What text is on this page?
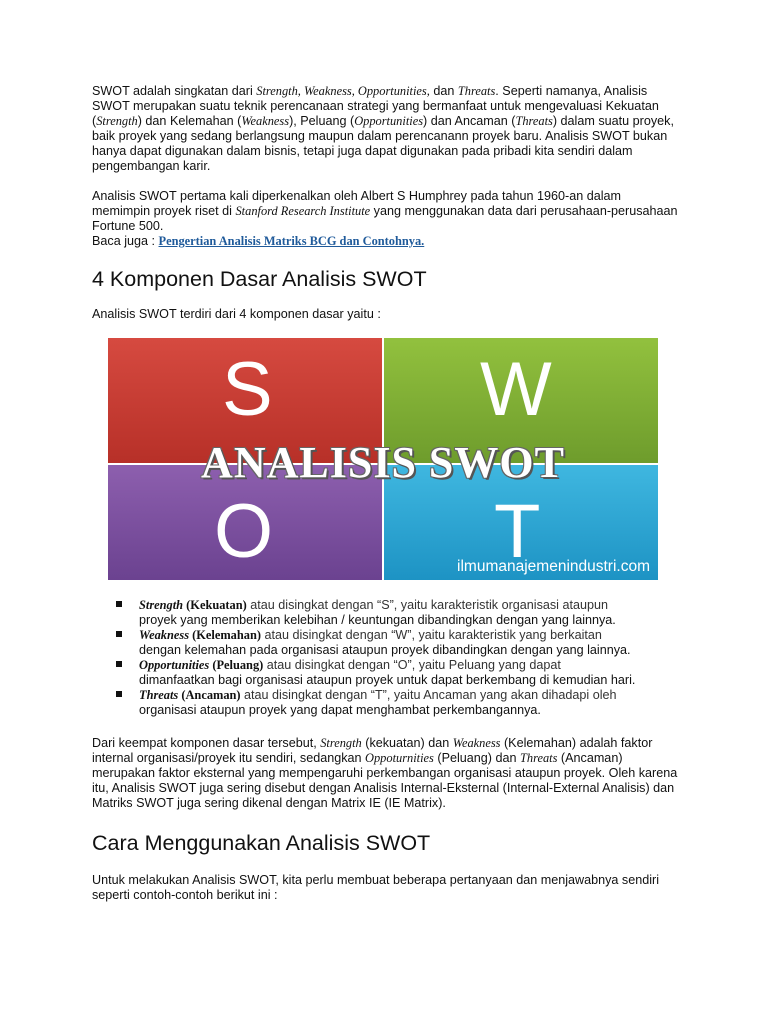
SWOT adalah singkatan dari Strength, Weakness, Opportunities, dan Threats. Seperti namanya, Analisis SWOT merupakan suatu teknik perencanaan strategi yang bermanfaat untuk mengevaluasi Kekuatan (Strength) dan Kelemahan (Weakness), Peluang (Opportunities) dan Ancaman (Threats) dalam suatu proyek, baik proyek yang sedang berlangsung maupun dalam perencanann proyek baru. Analisis SWOT bukan hanya dapat digunakan dalam bisnis, tetapi juga dapat digunakan pada pribadi kita sendiri dalam pengembangan karir.

Analisis SWOT pertama kali diperkenalkan oleh Albert S Humphrey pada tahun 1960-an dalam memimpin proyek riset di Stanford Research Institute yang menggunakan data dari perusahaan-perusahaan Fortune 500.
Baca juga : Pengertian Analisis Matriks BCG dan Contohnya.

4 Komponen Dasar Analisis SWOT

Analisis SWOT terdiri dari 4 komponen dasar yaitu :

S	W
O	T
ANALISIS SWOT
ilmumanajemenindustri.com
Strength (Kekuatan) atau disingkat dengan “S”, yaitu karakteristik organisasi ataupun
proyek yang memberikan kelebihan / keuntungan dibandingkan dengan yang lainnya.
Weakness (Kelemahan) atau disingkat dengan “W”, yaitu karakteristik yang berkaitan
dengan kelemahan pada organisasi ataupun proyek dibandingkan dengan yang lainnya.
Opportunities (Peluang) atau disingkat dengan “O”, yaitu Peluang yang dapat
dimanfaatkan bagi organisasi ataupun proyek untuk dapat berkembang di kemudian hari.
Threats (Ancaman) atau disingkat dengan “T”, yaitu Ancaman yang akan dihadapi oleh
organisasi ataupun proyek yang dapat menghambat perkembangannya.

Dari keempat komponen dasar tersebut, Strength (kekuatan) dan Weakness (Kelemahan) adalah faktor internal organisasi/proyek itu sendiri, sedangkan Oppoturnities (Peluang) dan Threats (Ancaman) merupakan faktor eksternal yang mempengaruhi perkembangan organisasi ataupun proyek. Oleh karena itu, Analisis SWOT juga sering disebut dengan Analisis Internal-Eksternal (Internal-External Analisis) dan Matriks SWOT juga sering dikenal dengan Matrix IE (IE Matrix).

Cara Menggunakan Analisis SWOT

Untuk melakukan Analisis SWOT, kita perlu membuat beberapa pertanyaan dan menjawabnya sendiri seperti contoh-contoh berikut ini :
